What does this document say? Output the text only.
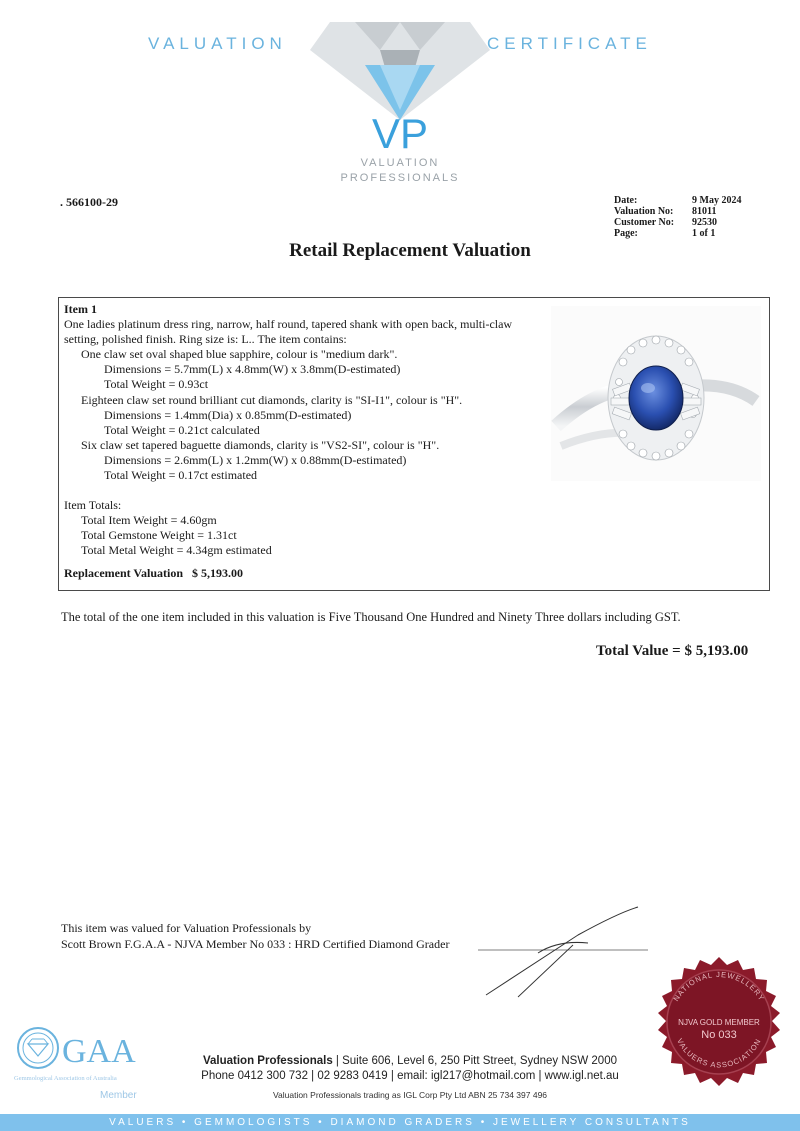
VALUATION	CERTIFICATE
VP
VALUATION
PROFESSIONALS
. 566100-29	Date:	9 May 2024
Valuation No:	81011
Customer No:	92530
Page:	1 of 1
Retail Replacement Valuation
Item 1
One ladies platinum dress ring, narrow, half round, tapered shank with open back, multi-claw setting, polished finish. Ring size is: L.. The item contains:
One claw set oval shaped blue sapphire, colour is "medium dark".
Dimensions = 5.7mm(L) x 4.8mm(W) x 3.8mm(D-estimated)
Total Weight = 0.93ct
Eighteen claw set round brilliant cut diamonds, clarity is "SI-I1", colour is "H".
Dimensions = 1.4mm(Dia) x 0.85mm(D-estimated)
Total Weight = 0.21ct calculated
Six claw set tapered baguette diamonds, clarity is "VS2-SI", colour is "H".
Dimensions = 2.6mm(L) x 1.2mm(W) x 0.88mm(D-estimated)
Total Weight = 0.17ct estimated
Item Totals:
Total Item Weight = 4.60gm
Total Gemstone Weight = 1.31ct
Total Metal Weight = 4.34gm estimated
Replacement Valuation $ 5,193.00
The total of the one item included in this valuation is Five Thousand One Hundred and Ninety Three dollars including GST.
Total Value = $ 5,193.00
This item was valued for Valuation Professionals by
Scott Brown F.G.A.A - NJVA Member No 033 : HRD Certified Diamond Grader
NATIONAL JEWELLERY
VALUERS ASSOCIATION
NJVA GOLD MEMBER
No 033
GAA
Gemmological Association of Australia
Member
Valuation Professionals | Suite 606, Level 6, 250 Pitt Street, Sydney NSW 2000
Phone 0412 300 732 | 02 9283 0419 | email: igl217@hotmail.com | www.igl.net.au
Valuation Professionals trading as IGL Corp Pty Ltd ABN 25 734 397 496
VALUERS • GEMMOLOGISTS • DIAMOND GRADERS • JEWELLERY CONSULTANTS
